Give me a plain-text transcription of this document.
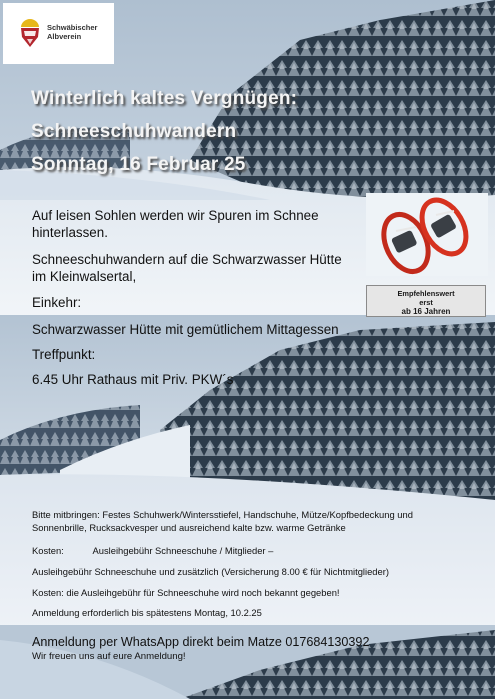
Schwäbischer
Albverein
Winterlich kaltes Vergnügen:
Schneeschuhwandern
Sonntag, 16 Februar 25
Auf leisen Sohlen werden wir Spuren im Schnee
hinterlassen.
Schneeschuhwandern auf die Schwarzwasser Hütte
im Kleinwalsertal,
Einkehr:
Schwarzwasser Hütte mit gemütlichem Mittagessen
Treffpunkt:
6.45 Uhr Rathaus mit Priv. PKW´s
Empfehlenswert
erst
ab 16 Jahren
Bitte mitbringen: Festes Schuhwerk/Wintersstiefel, Handschuhe, Mütze/Kopfbedeckung und
Sonnenbrille, Rucksackvesper und ausreichend kalte bzw. warme Getränke
Kosten:	Ausleihgebühr Schneeschuhe / Mitglieder –
Ausleihgebühr Schneeschuhe und zusätzlich (Versicherung 8.00 € für Nichtmitglieder)
Kosten: die Ausleihgebühr für Schneeschuhe wird noch bekannt gegeben!
Anmeldung erforderlich bis spätestens Montag, 10.2.25
Anmeldung per WhatsApp direkt beim Matze 017684130392
Wir freuen uns auf eure Anmeldung!
